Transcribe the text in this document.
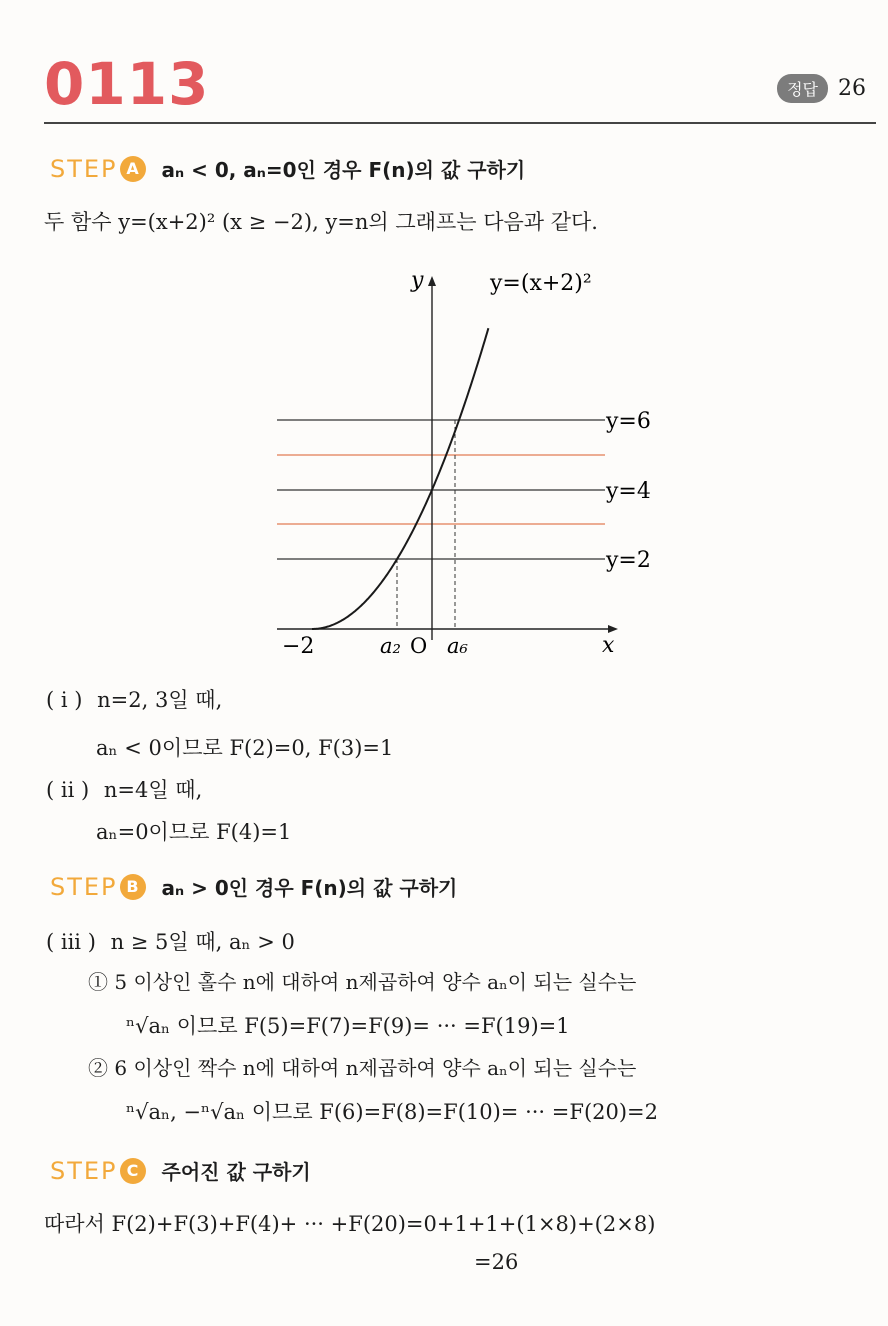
0113	정답 26
STEP A	aₙ < 0, aₙ=0인 경우 F(n)의 값 구하기
두 함수 y=(x+2)² (x ≥ −2), y=n의 그래프는 다음과 같다.
y	y=(x+2)²
y=6
y=4
y=2
−2	a₂ O a₆	x
( i ) n=2, 3일 때,
aₙ < 0이므로 F(2)=0, F(3)=1
( ii ) n=4일 때,
aₙ=0이므로 F(4)=1
STEP B	aₙ > 0인 경우 F(n)의 값 구하기
( iii ) n ≥ 5일 때, aₙ > 0
① 5 이상인 홀수 n에 대하여 n제곱하여 양수 aₙ이 되는 실수는
ⁿ√aₙ 이므로 F(5)=F(7)=F(9)= ··· =F(19)=1
② 6 이상인 짝수 n에 대하여 n제곱하여 양수 aₙ이 되는 실수는
ⁿ√aₙ, −ⁿ√aₙ 이므로 F(6)=F(8)=F(10)= ··· =F(20)=2
STEP C	주어진 값 구하기
따라서 F(2)+F(3)+F(4)+ ··· +F(20)=0+1+1+(1×8)+(2×8)
=26
